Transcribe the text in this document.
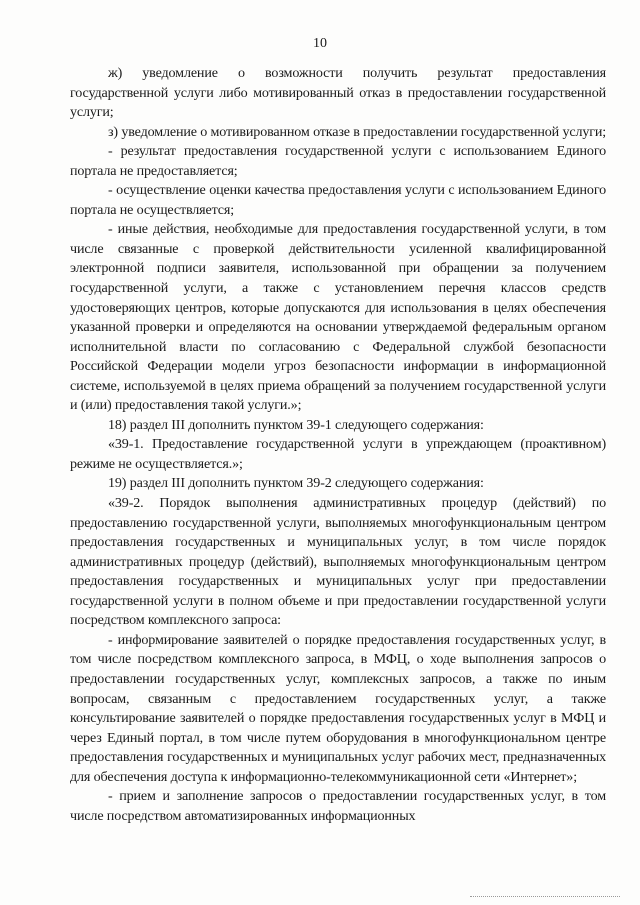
10

ж) уведомление о возможности получить результат предоставления государственной услуги либо мотивированный отказ в предоставлении государственной услуги;

з) уведомление о мотивированном отказе в предоставлении государственной услуги;

- результат предоставления государственной услуги с использованием Единого портала не предоставляется;

- осуществление оценки качества предоставления услуги с использованием Единого портала не осуществляется;

- иные действия, необходимые для предоставления государственной услуги, в том числе связанные с проверкой действительности усиленной квалифицированной электронной подписи заявителя, использованной при обращении за получением государственной услуги, а также с установлением перечня классов средств удостоверяющих центров, которые допускаются для использования в целях обеспечения указанной проверки и определяются на основании утверждаемой федеральным органом исполнительной власти по согласованию с Федеральной службой безопасности Российской Федерации модели угроз безопасности информации в информационной системе, используемой в целях приема обращений за получением государственной услуги и (или) предоставления такой услуги.»;

18) раздел III дополнить пунктом 39-1 следующего содержания:

«39-1. Предоставление государственной услуги в упреждающем (проактивном) режиме не осуществляется.»;

19) раздел III дополнить пунктом 39-2 следующего содержания:

«39-2. Порядок выполнения административных процедур (действий) по предоставлению государственной услуги, выполняемых многофункциональным центром предоставления государственных и муниципальных услуг, в том числе порядок административных процедур (действий), выполняемых многофункциональным центром предоставления государственных и муниципальных услуг при предоставлении государственной услуги в полном объеме и при предоставлении государственной услуги посредством комплексного запроса:

- информирование заявителей о порядке предоставления государственных услуг, в том числе посредством комплексного запроса, в МФЦ, о ходе выполнения запросов о предоставлении государственных услуг, комплексных запросов, а также по иным вопросам, связанным с предоставлением государственных услуг, а также консультирование заявителей о порядке предоставления государственных услуг в МФЦ и через Единый портал, в том числе путем оборудования в многофункциональном центре предоставления государственных и муниципальных услуг рабочих мест, предназначенных для обеспечения доступа к информационно-телекоммуникационной сети «Интернет»;

- прием и заполнение запросов о предоставлении государственных услуг, в том числе посредством автоматизированных информационных
